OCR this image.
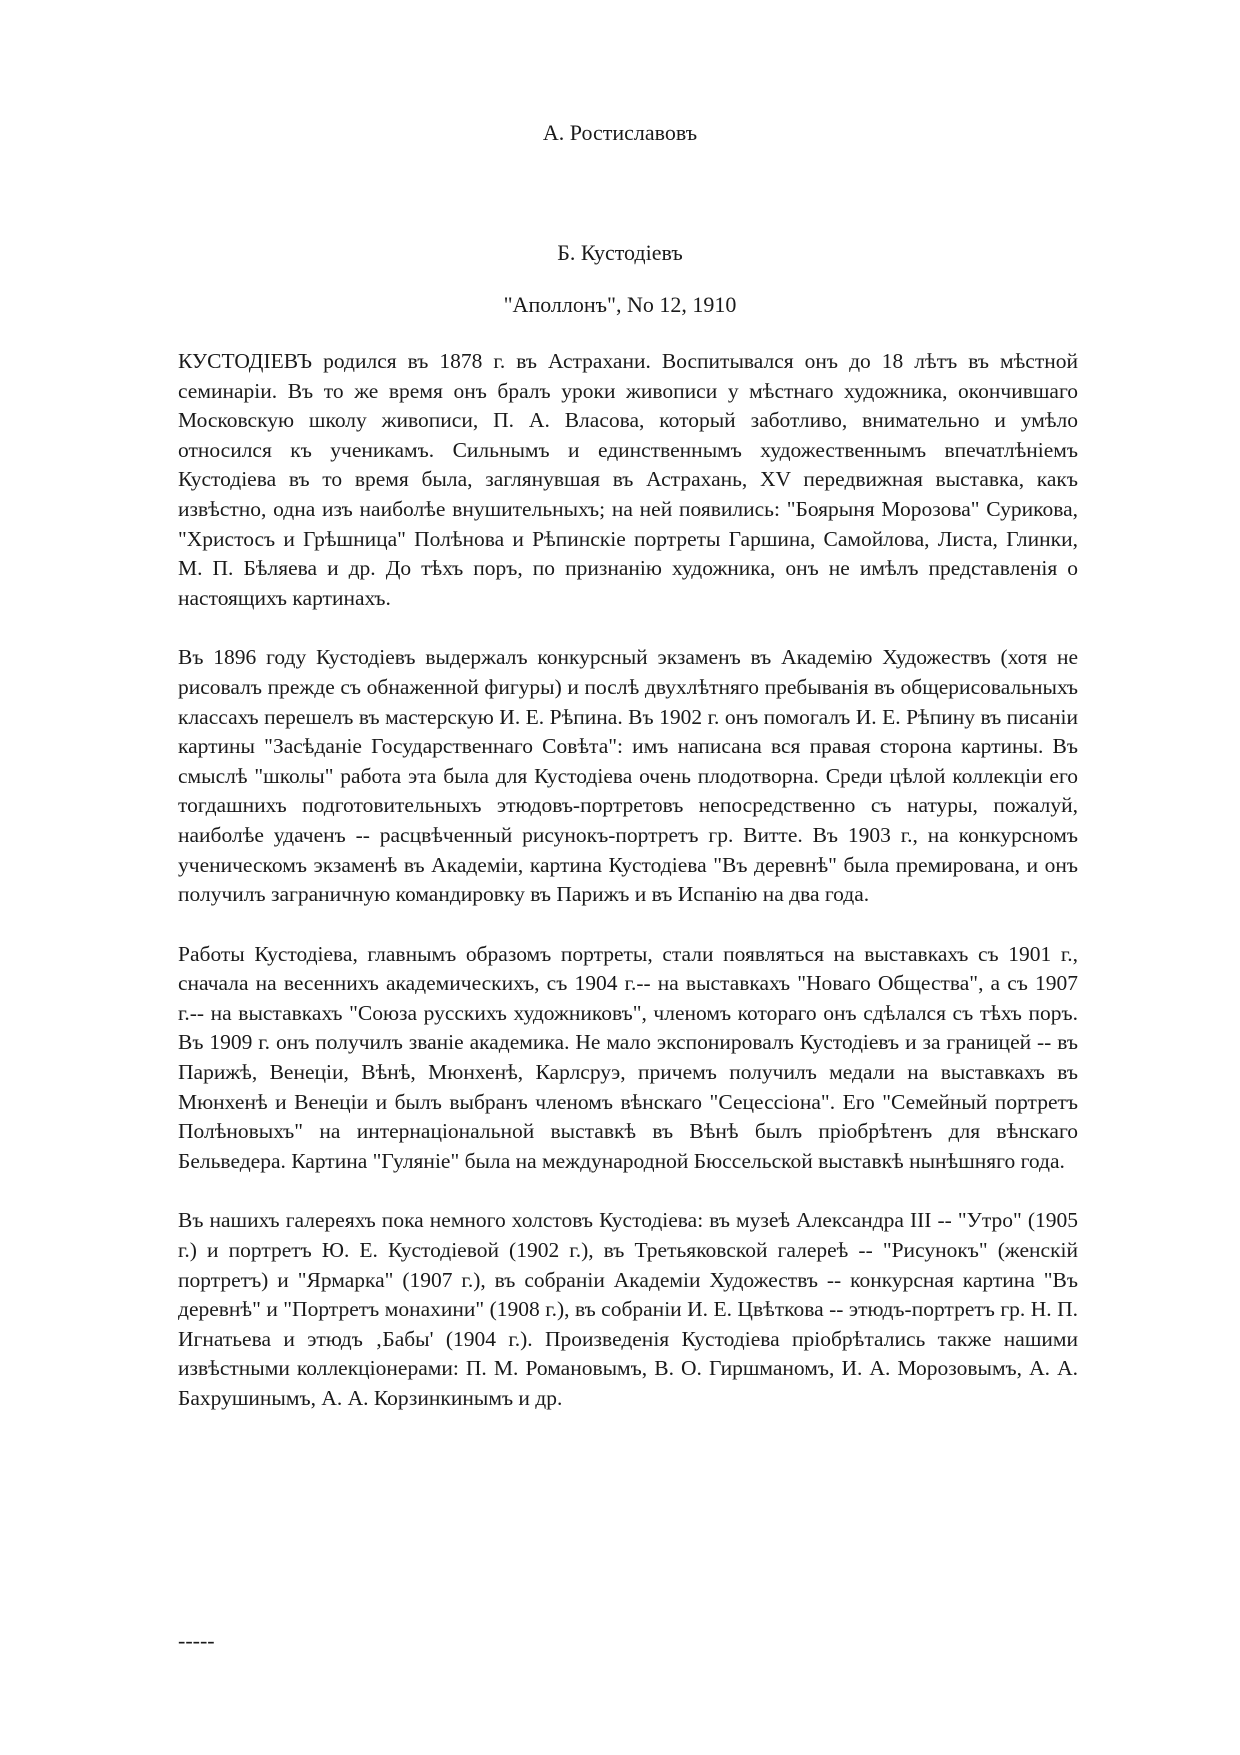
А. Ростиславовъ
Б. Кустодіевъ

"Аполлонъ", No 12, 1910

КУСТОДІЕВЪ родился въ 1878 г. въ Астрахани. Воспитывался онъ до 18 лѣтъ въ мѣстной семинаріи. Въ то же время онъ бралъ уроки живописи у мѣстнаго художника, окончившаго Московскую школу живописи, П. А. Власова, который заботливо, внимательно и умѣло относился къ ученикамъ. Сильнымъ и единственнымъ художественнымъ впечатлѣніемъ Кустодіева въ то время была, заглянувшая въ Астрахань, XV передвижная выставка, какъ извѣстно, одна изъ наиболѣе внушительныхъ; на ней появились: "Боярыня Морозова" Сурикова, "Христосъ и Грѣшница" Полѣнова и Рѣпинскіе портреты Гаршина, Самойлова, Листа, Глинки, М. П. Бѣляева и др. До тѣхъ поръ, по признанію художника, онъ не имѣлъ представленія о настоящихъ картинахъ.

Въ 1896 году Кустодіевъ выдержалъ конкурсный экзаменъ въ Академію Художествъ (хотя не рисовалъ прежде съ обнаженной фигуры) и послѣ двухлѣтняго пребыванія въ общерисовальныхъ классахъ перешелъ въ мастерскую И. Е. Рѣпина. Въ 1902 г. онъ помогалъ И. Е. Рѣпину въ писаніи картины "Засѣданіе Государственнаго Совѣта": имъ написана вся правая сторона картины. Въ смыслѣ "школы" работа эта была для Кустодіева очень плодотворна. Среди цѣлой коллекціи его тогдашнихъ подготовительныхъ этюдовъ-портретовъ непосредственно съ натуры, пожалуй, наиболѣе удаченъ -- расцвѣченный рисунокъ-портретъ гр. Витте. Въ 1903 г., на конкурсномъ ученическомъ экзаменѣ въ Академіи, картина Кустодіева "Въ деревнѣ" была премирована, и онъ получилъ заграничную командировку въ Парижъ и въ Испанію на два года.

Работы Кустодіева, главнымъ образомъ портреты, стали появляться на выставкахъ съ 1901 г., сначала на весеннихъ академическихъ, съ 1904 г.-- на выставкахъ "Новаго Общества", а съ 1907 г.-- на выставкахъ "Союза русскихъ художниковъ", членомъ котораго онъ сдѣлался съ тѣхъ поръ. Въ 1909 г. онъ получилъ званіе академика. Не мало экспонировалъ Кустодіевъ и за границей -- въ Парижѣ, Венеціи, Вѣнѣ, Мюнхенѣ, Карлсруэ, причемъ получилъ медали на выставкахъ въ Мюнхенѣ и Венеціи и былъ выбранъ членомъ вѣнскаго "Сецессіона". Его "Семейный портретъ Полѣновыхъ" на интернаціональной выставкѣ въ Вѣнѣ былъ пріобрѣтенъ для вѣнскаго Бельведера. Картина "Гуляніе" была на международной Бюссельской выставкѣ нынѣшняго года.

Въ нашихъ галереяхъ пока немного холстовъ Кустодіева: въ музеѣ Александра III -- "Утро" (1905 г.) и портретъ Ю. Е. Кустодіевой (1902 г.), въ Третьяковской галереѣ -- "Рисунокъ" (женскій портретъ) и "Ярмарка" (1907 г.), въ собраніи Академіи Художествъ -- конкурсная картина "Въ деревнѣ" и "Портретъ монахини" (1908 г.), въ собраніи И. Е. Цвѣткова -- этюдъ-портретъ гр. Н. П. Игнатьева и этюдъ ‚Бабы' (1904 г.). Произведенія Кустодіева пріобрѣтались также нашими извѣстными коллекціонерами: П. М. Романовымъ, В. О. Гиршманомъ, И. А. Морозовымъ, А. А. Бахрушинымъ, А. А. Корзинкинымъ и др.

-----
